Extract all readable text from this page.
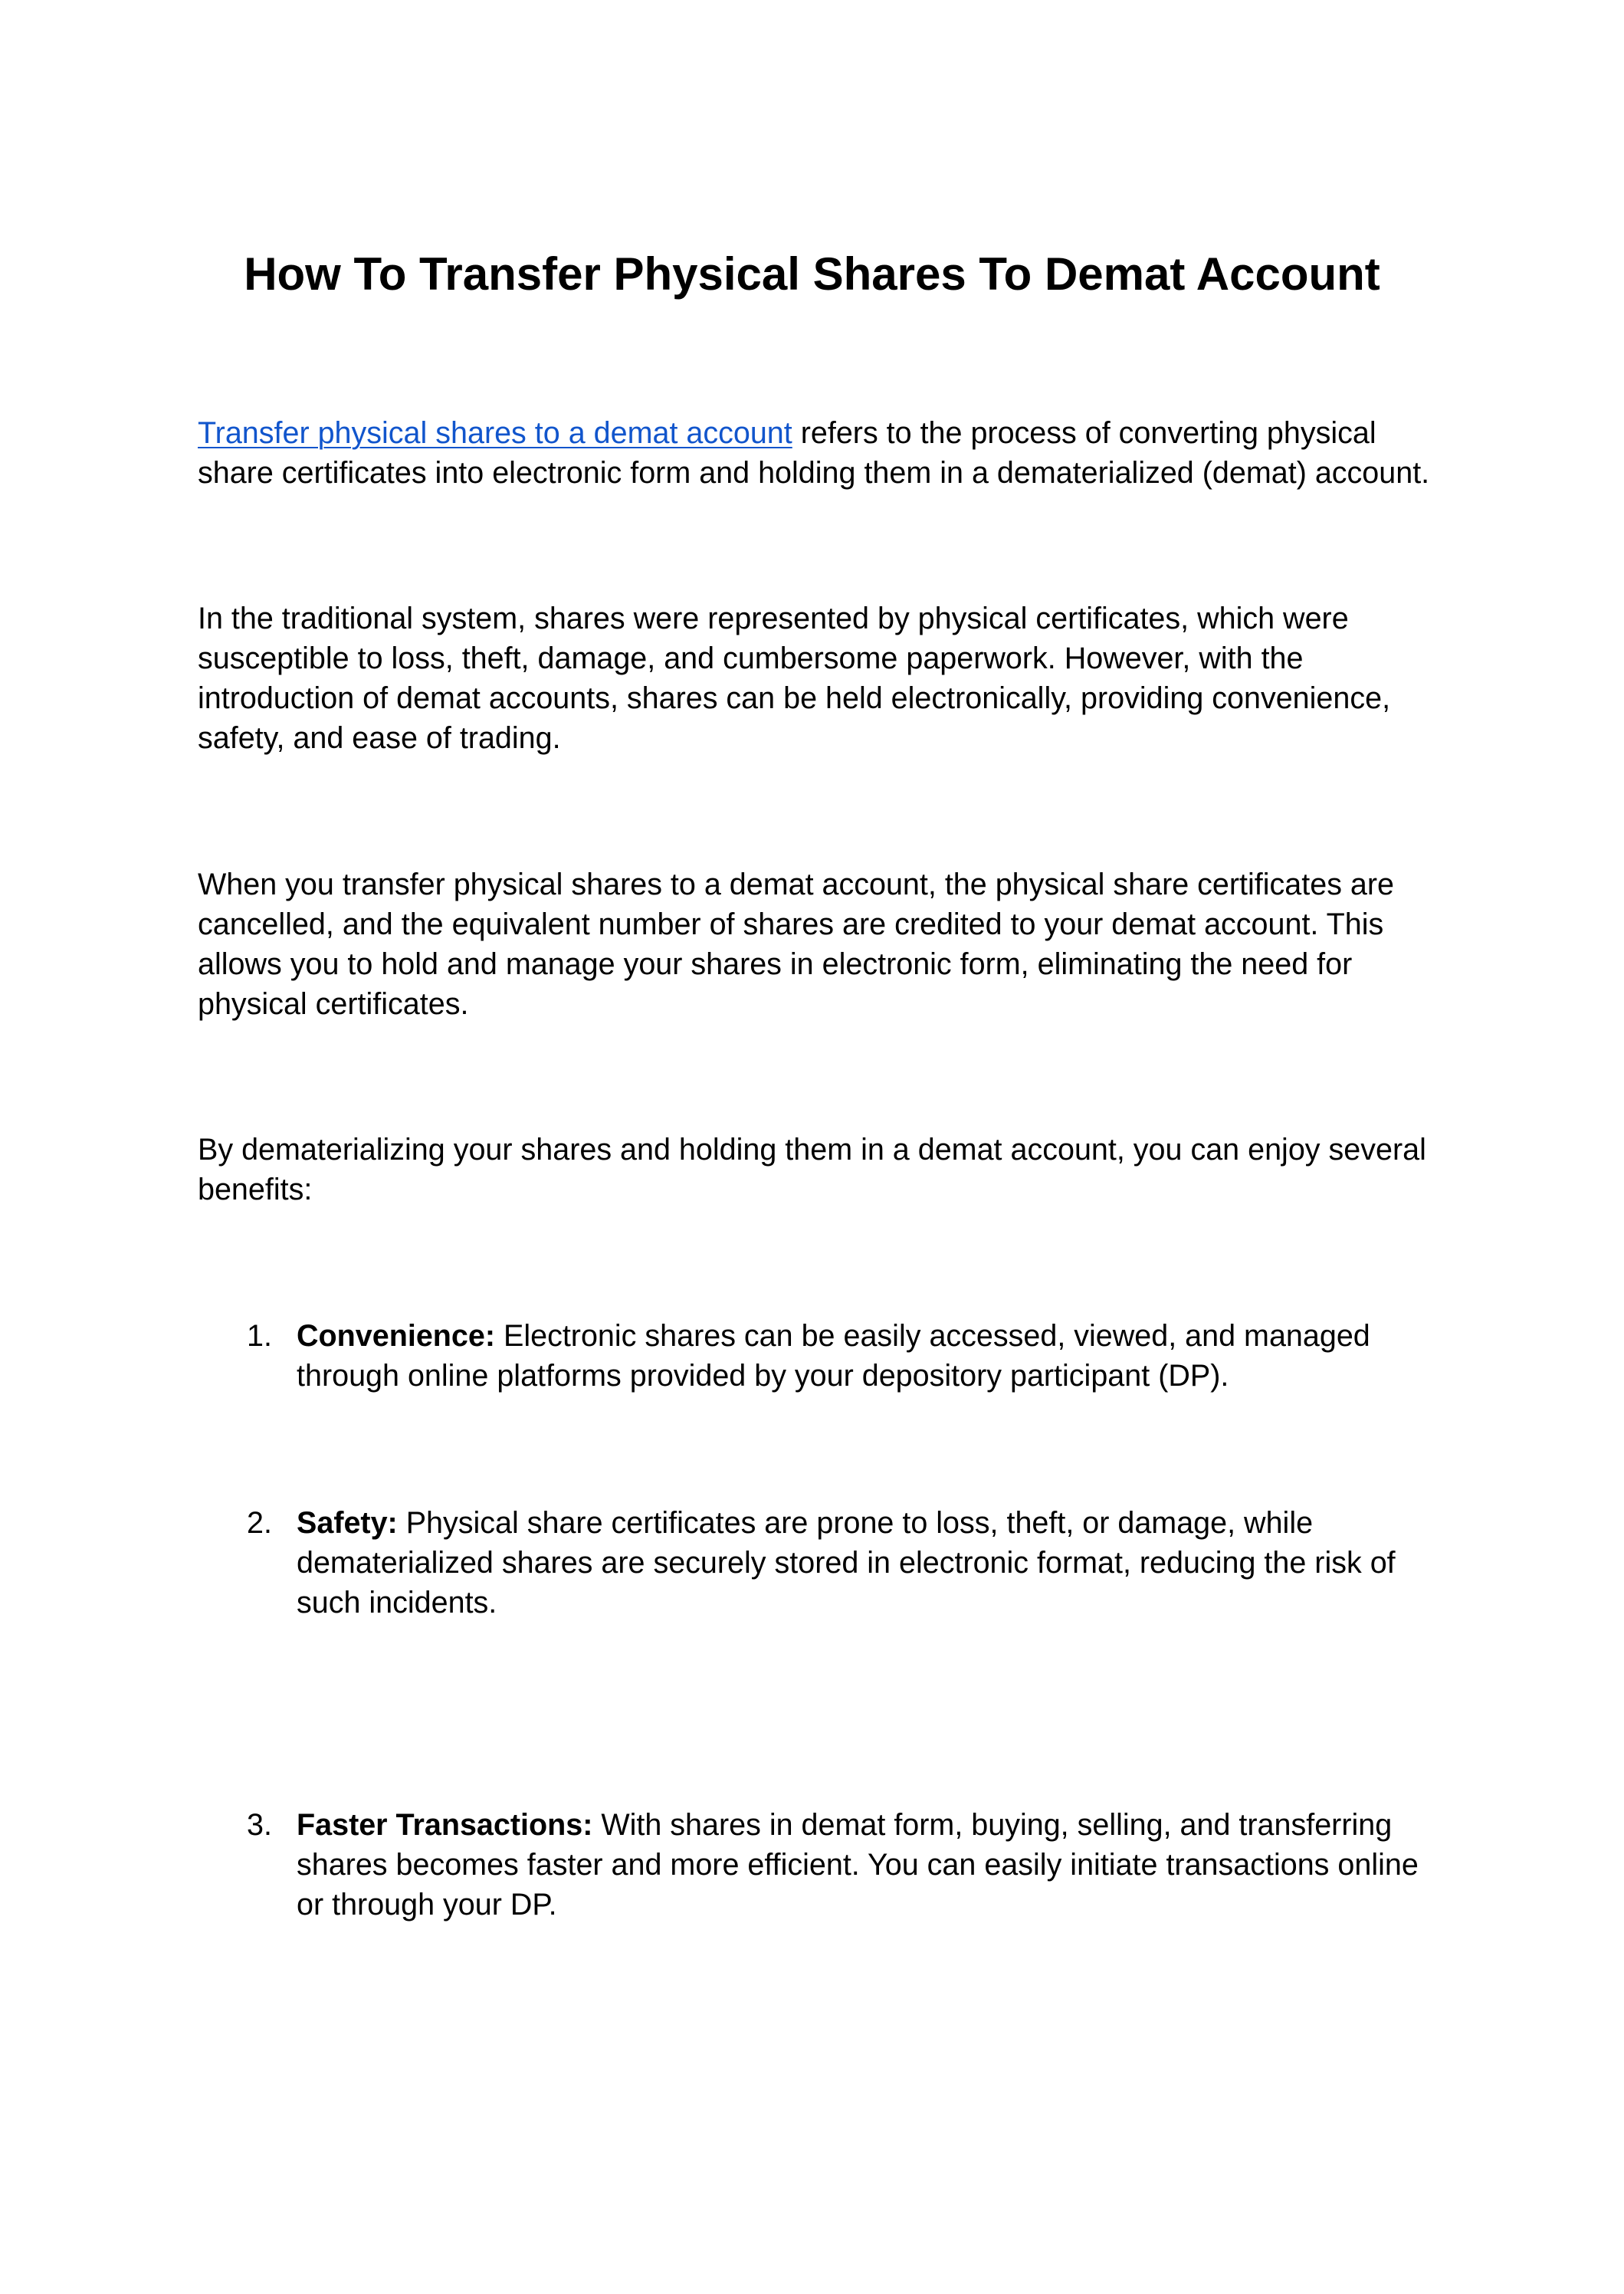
How To Transfer Physical Shares To Demat Account

Transfer physical shares to a demat account refers to the process of converting physical share certificates into electronic form and holding them in a dematerialized (demat) account.

In the traditional system, shares were represented by physical certificates, which were susceptible to loss, theft, damage, and cumbersome paperwork. However, with the introduction of demat accounts, shares can be held electronically, providing convenience, safety, and ease of trading.

When you transfer physical shares to a demat account, the physical share certificates are cancelled, and the equivalent number of shares are credited to your demat account. This allows you to hold and manage your shares in electronic form, eliminating the need for physical certificates.

By dematerializing your shares and holding them in a demat account, you can enjoy several benefits:

1. Convenience: Electronic shares can be easily accessed, viewed, and managed through online platforms provided by your depository participant (DP).
2. Safety: Physical share certificates are prone to loss, theft, or damage, while dematerialized shares are securely stored in electronic format, reducing the risk of such incidents.
3. Faster Transactions: With shares in demat form, buying, selling, and transferring shares becomes faster and more efficient. You can easily initiate transactions online or through your DP.
